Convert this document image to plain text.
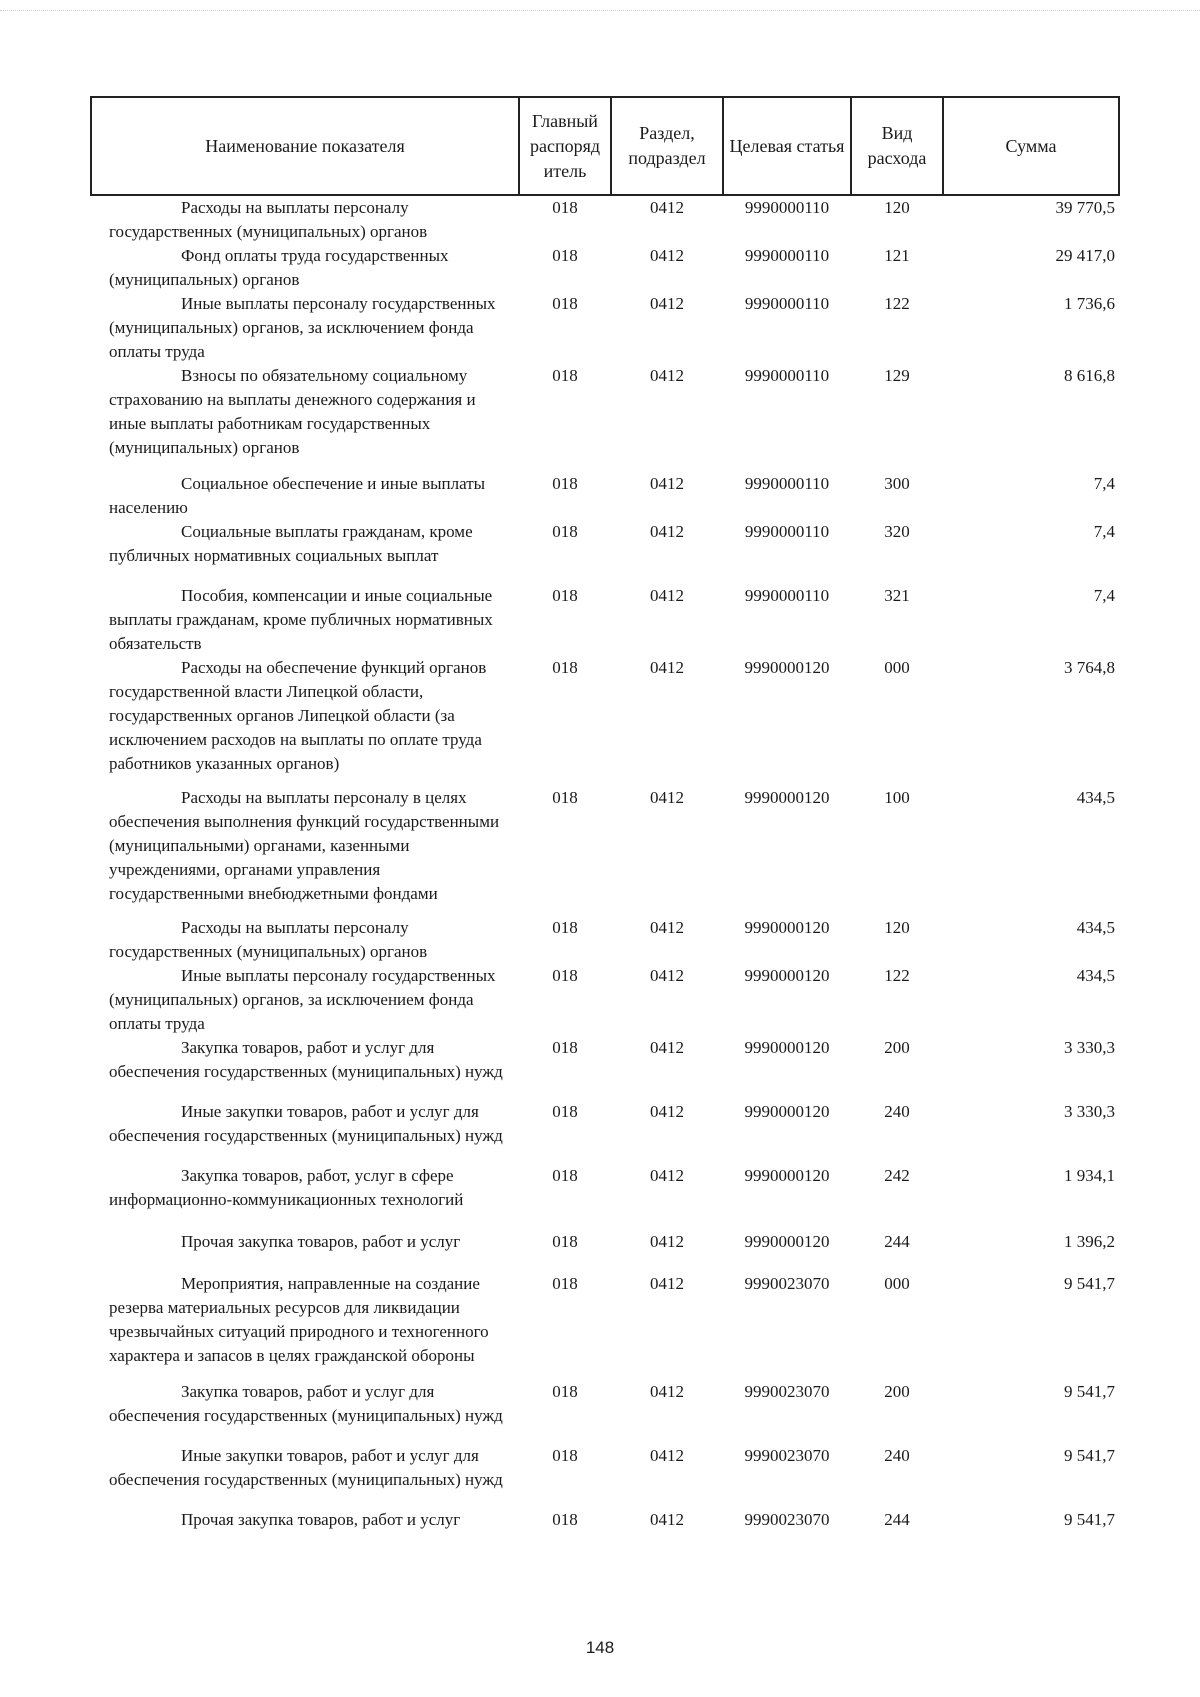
Наименование показателя	Главный распоряд итель	Раздел, подраздел	Целевая статья	Вид расхода	Сумма
Расходы на выплаты персоналу государственных (муниципальных) органов	018	0412	9990000110	120	39 770,5
Фонд оплаты труда государственных (муниципальных) органов	018	0412	9990000110	121	29 417,0
Иные выплаты персоналу государственных (муниципальных) органов, за исключением фонда оплаты труда	018	0412	9990000110	122	1 736,6
Взносы по обязательному социальному страхованию на выплаты денежного содержания и иные выплаты работникам государственных (муниципальных) органов	018	0412	9990000110	129	8 616,8
Социальное обеспечение и иные выплаты населению	018	0412	9990000110	300	7,4
Социальные выплаты гражданам, кроме публичных нормативных социальных выплат	018	0412	9990000110	320	7,4
Пособия, компенсации и иные социальные выплаты гражданам, кроме публичных нормативных обязательств	018	0412	9990000110	321	7,4
Расходы на обеспечение функций органов государственной власти Липецкой области, государственных органов Липецкой области (за исключением расходов на выплаты по оплате труда работников указанных органов)	018	0412	9990000120	000	3 764,8
Расходы на выплаты персоналу в целях обеспечения выполнения функций государственными (муниципальными) органами, казенными учреждениями, органами управления государственными внебюджетными фондами	018	0412	9990000120	100	434,5
Расходы на выплаты персоналу государственных (муниципальных) органов	018	0412	9990000120	120	434,5
Иные выплаты персоналу государственных (муниципальных) органов, за исключением фонда оплаты труда	018	0412	9990000120	122	434,5
Закупка товаров, работ и услуг для обеспечения государственных (муниципальных) нужд	018	0412	9990000120	200	3 330,3
Иные закупки товаров, работ и услуг для обеспечения государственных (муниципальных) нужд	018	0412	9990000120	240	3 330,3
Закупка товаров, работ, услуг в сфере информационно-коммуникационных технологий	018	0412	9990000120	242	1 934,1
Прочая закупка товаров, работ и услуг	018	0412	9990000120	244	1 396,2
Мероприятия, направленные на создание резерва материальных ресурсов для ликвидации чрезвычайных ситуаций природного и техногенного характера и запасов в целях гражданской обороны	018	0412	9990023070	000	9 541,7
Закупка товаров, работ и услуг для обеспечения государственных (муниципальных) нужд	018	0412	9990023070	200	9 541,7
Иные закупки товаров, работ и услуг для обеспечения государственных (муниципальных) нужд	018	0412	9990023070	240	9 541,7
Прочая закупка товаров, работ и услуг	018	0412	9990023070	244	9 541,7
148
